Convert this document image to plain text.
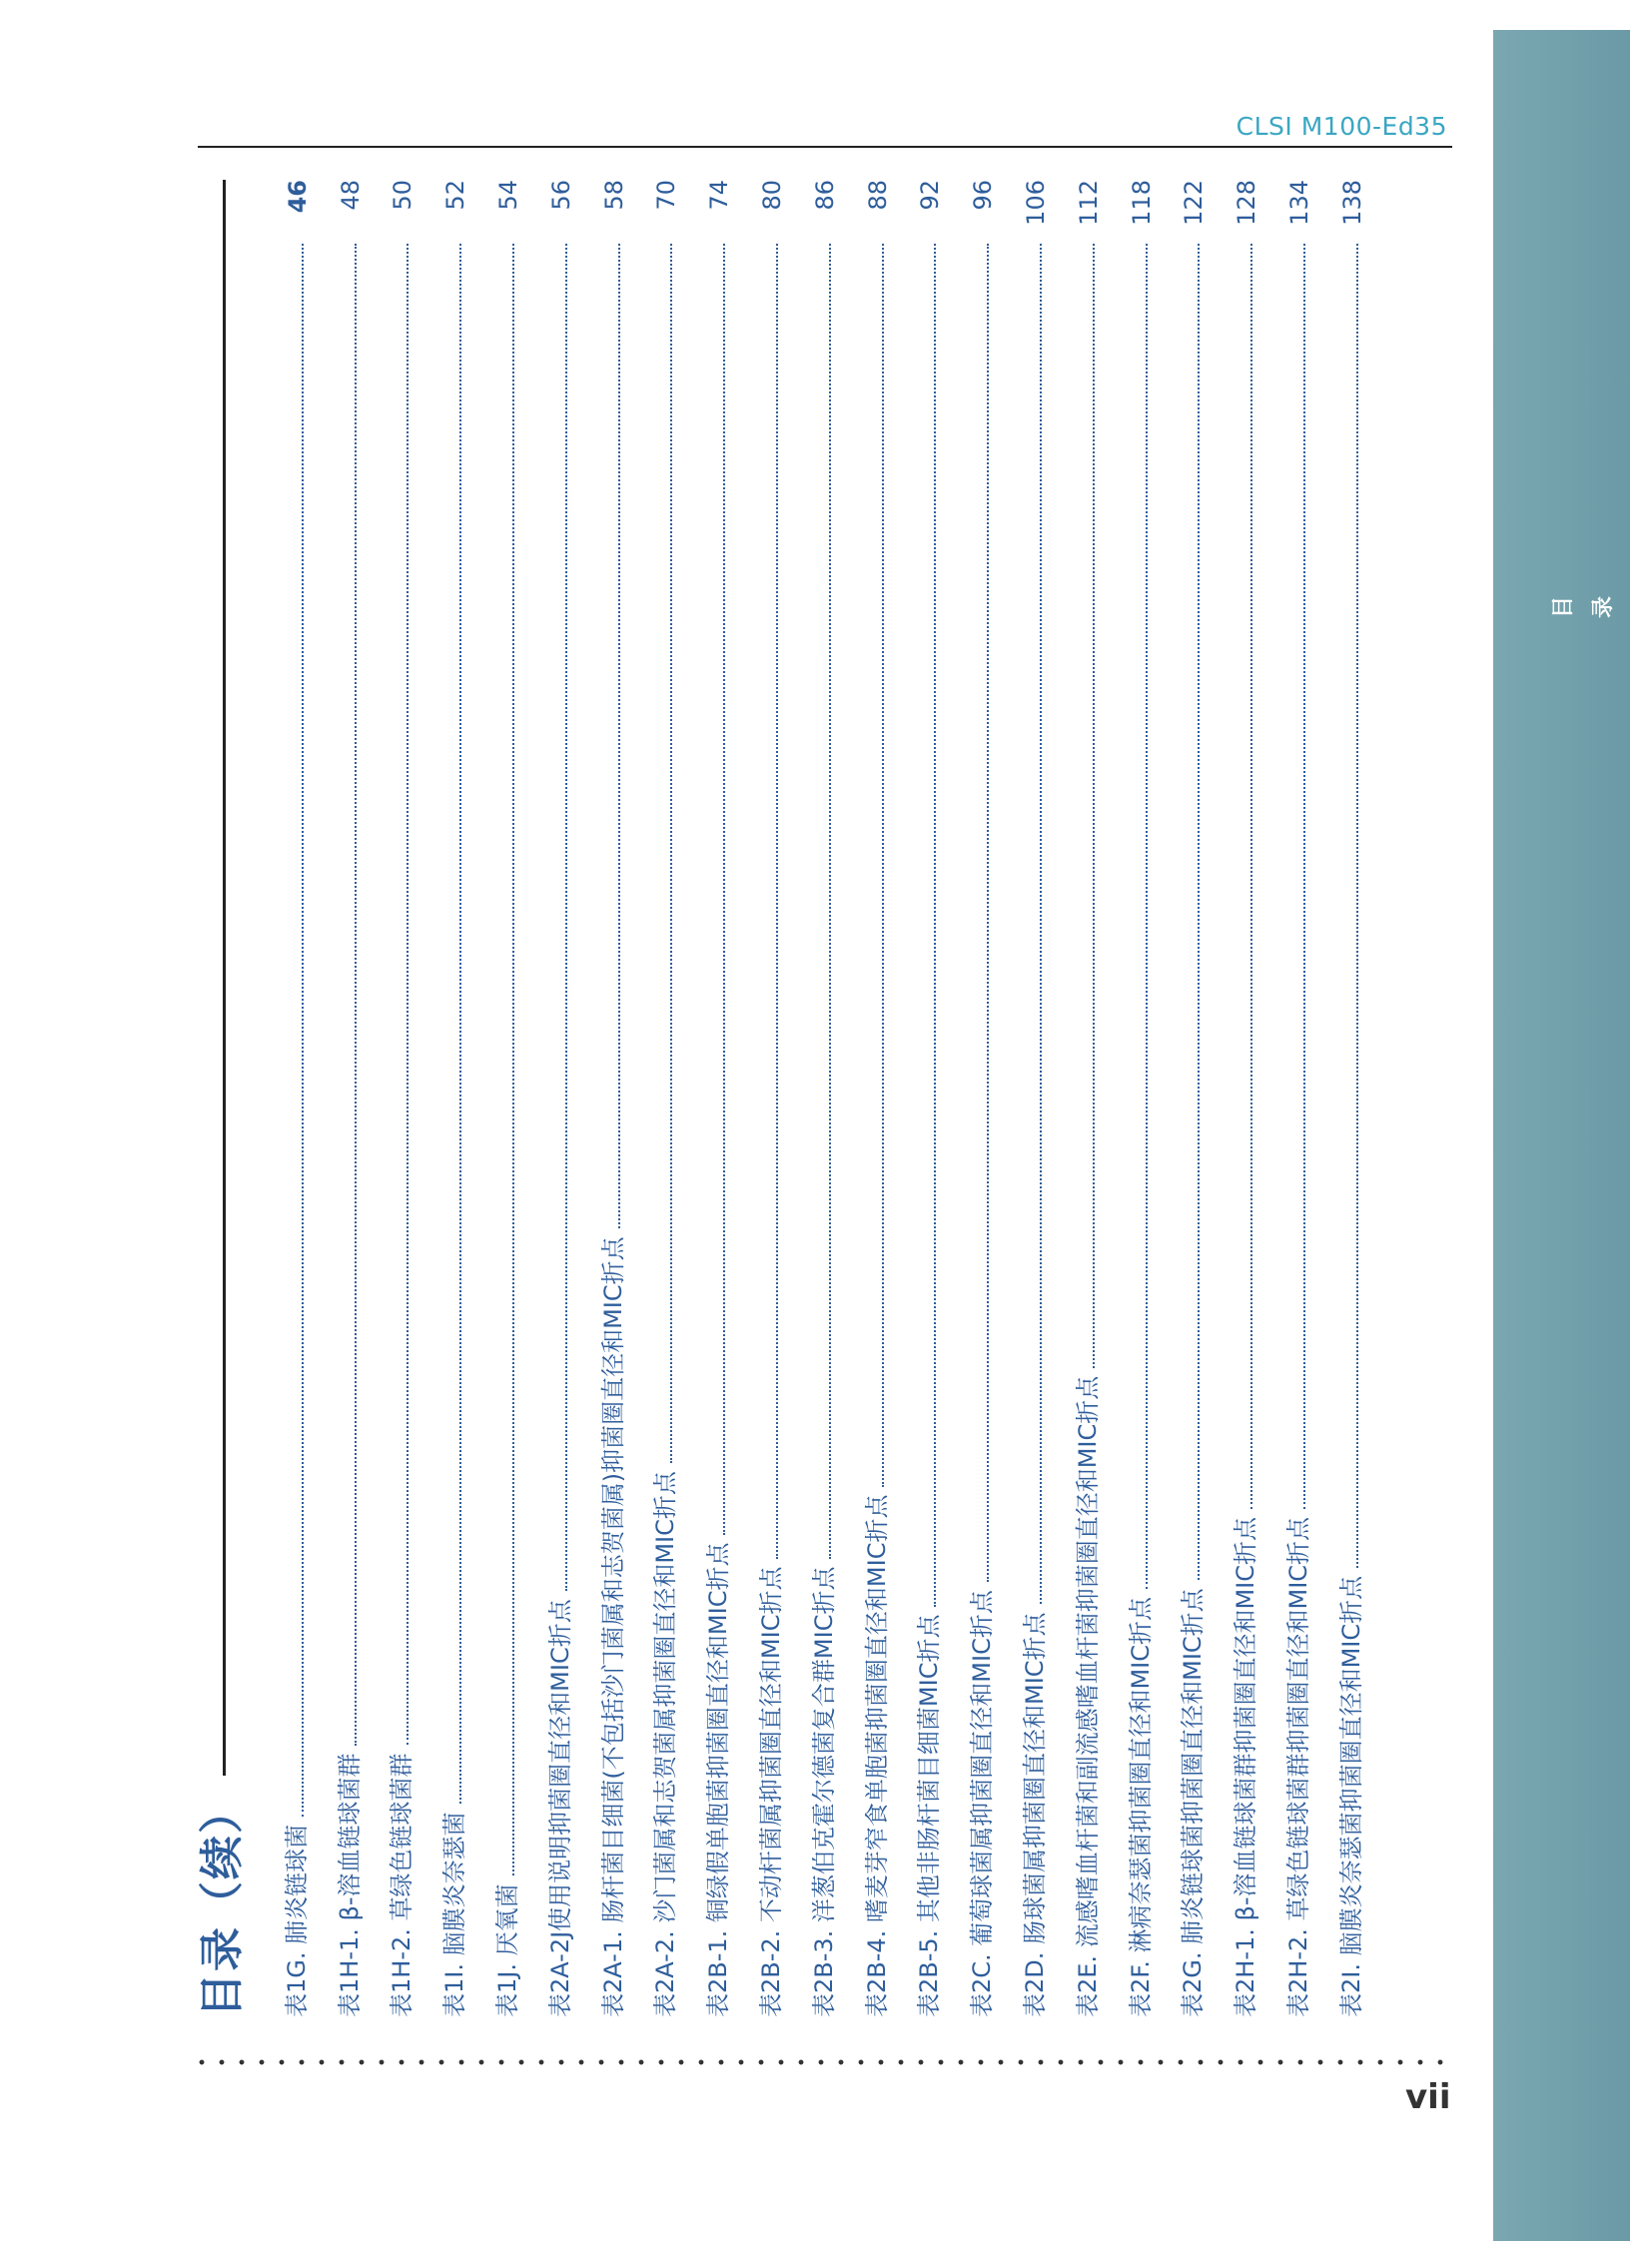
目录
CLSI M100-Ed35
目录（续） 表1G. 肺炎链球菌
46
表1H-1. β-溶血链球菌群
48
表1H-2. 草绿色链球菌群
50
表1I. 脑膜炎奈瑟菌
52
表1J. 厌氧菌
54
表2A-2J使用说明抑菌圈直径和MIC折点
56
表2A-1. 肠杆菌目细菌(不包括沙门菌属和志贺菌属)抑菌圈直径和MIC折点
58
表2A-2. 沙门菌属和志贺菌属抑菌圈直径和MIC折点
70
表2B-1. 铜绿假单胞菌抑菌圈直径和MIC折点
74
表2B-2. 不动杆菌属抑菌圈直径和MIC折点
80
表2B-3. 洋葱伯克霍尔德菌复合群MIC折点
86
表2B-4. 嗜麦芽窄食单胞菌抑菌圈直径和MIC折点
88
表2B-5. 其他非肠杆菌目细菌MIC折点
92
表2C. 葡萄球菌属抑菌圈直径和MIC折点
96
表2D. 肠球菌属抑菌圈直径和MIC折点
106
表2E. 流感嗜血杆菌和副流感嗜血杆菌抑菌圈直径和MIC折点
112
表2F. 淋病奈瑟菌抑菌圈直径和MIC折点
118
表2G. 肺炎链球菌抑菌圈直径和MIC折点
122
表2H-1. β-溶血链球菌群抑菌圈直径和MIC折点
128
表2H-2. 草绿色链球菌群抑菌圈直径和MIC折点
134
表2I. 脑膜炎奈瑟菌抑菌圈直径和MIC折点
138
vii
